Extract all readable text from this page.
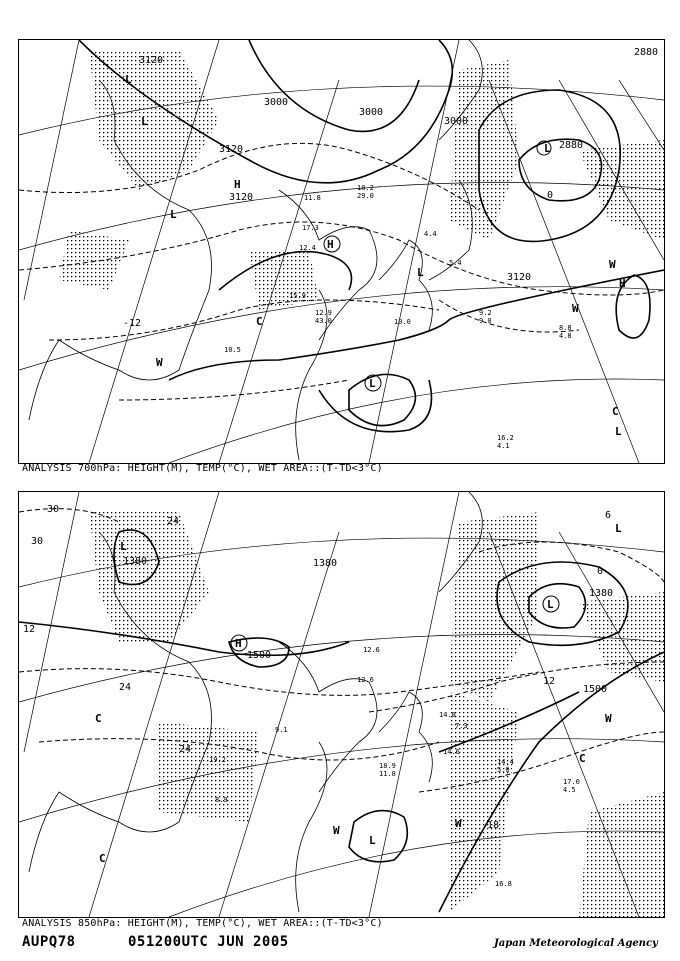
L
L
H
H
L
H
L
C
L
W
W
W
C
L
L
3120
3000
3000
2880
2880
3120
3120
3120
3000
0
-12
10.2
29.0
11.8
17.3
12.4
15.9
4.4
5.4
9.2
9.0
8.8
4.8
16.2
4.1
12.9
43.0	10.0
10.5
ANALYSIS 700hPa: HEIGHT(M), TEMP(°C), WET AREA::(T-TD<3°C)
L
H
L
C
C
W
W
C
W
L
L
30
30
24
24
1380
1500
1500
1380
1380
12
12
18
24
6
0
19.2
12.6
14.8
14.6
17.0
4.5
18.9
11.8
16.8
12.6
14.4
5.0
9.1	7.3
8.9
ANALYSIS 850hPa: HEIGHT(M), TEMP(°C), WET AREA::(T-TD<3°C)
AUPQ78	051200UTC JUN 2005	Japan Meteorological Agency
